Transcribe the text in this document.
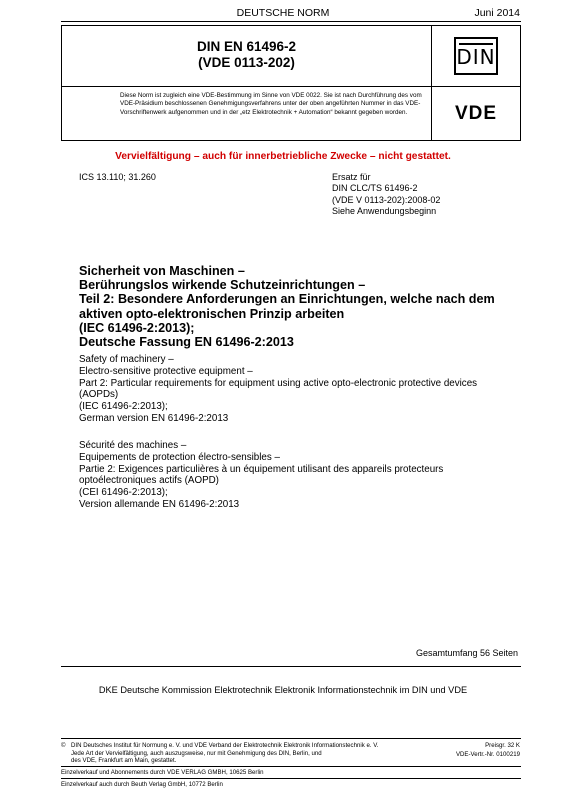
DEUTSCHE NORM	Juni 2014
DIN EN 61496-2
(VDE 0113-202)	DIN
Diese Norm ist zugleich eine VDE-Bestimmung im Sinne von VDE 0022. Sie ist nach Durchführung des vom VDE-Präsidium beschlossenen Genehmigungsverfahrens unter der oben angeführten Nummer in das VDE-Vorschriftenwerk aufgenommen und in der „etz Elektrotechnik + Automation“ bekannt gegeben worden.	VDE
Vervielfältigung – auch für innerbetriebliche Zwecke – nicht gestattet.
ICS 13.110; 31.260	Ersatz für
DIN CLC/TS 61496-2
(VDE V 0113-202):2008-02
Siehe Anwendungsbeginn
Sicherheit von Maschinen –
Berührungslos wirkende Schutzeinrichtungen –
Teil 2: Besondere Anforderungen an Einrichtungen, welche nach dem
aktiven opto-elektronischen Prinzip arbeiten
(IEC 61496-2:2013);
Deutsche Fassung EN 61496-2:2013
Safety of machinery –
Electro-sensitive protective equipment –
Part 2: Particular requirements for equipment using active opto-electronic protective devices
(AOPDs)
(IEC 61496-2:2013);
German version EN 61496-2:2013
Sécurité des machines –
Equipements de protection électro-sensibles –
Partie 2: Exigences particulières à un équipement utilisant des appareils protecteurs
optoélectroniques actifs (AOPD)
(CEI 61496-2:2013);
Version allemande EN 61496-2:2013
Gesamtumfang 56 Seiten
DKE Deutsche Kommission Elektrotechnik Elektronik Informationstechnik im DIN und VDE
© DIN Deutsches Institut für Normung e. V. und VDE Verband der Elektrotechnik Elektronik Informationstechnik e. V.
Jede Art der Vervielfältigung, auch auszugsweise, nur mit Genehmigung des DIN, Berlin, und
des VDE, Frankfurt am Main, gestattet.
Preisgr. 32 K
VDE-Vertr.-Nr. 0100219
Einzelverkauf und Abonnements durch VDE VERLAG GMBH, 10625 Berlin
Einzelverkauf auch durch Beuth Verlag GmbH, 10772 Berlin
